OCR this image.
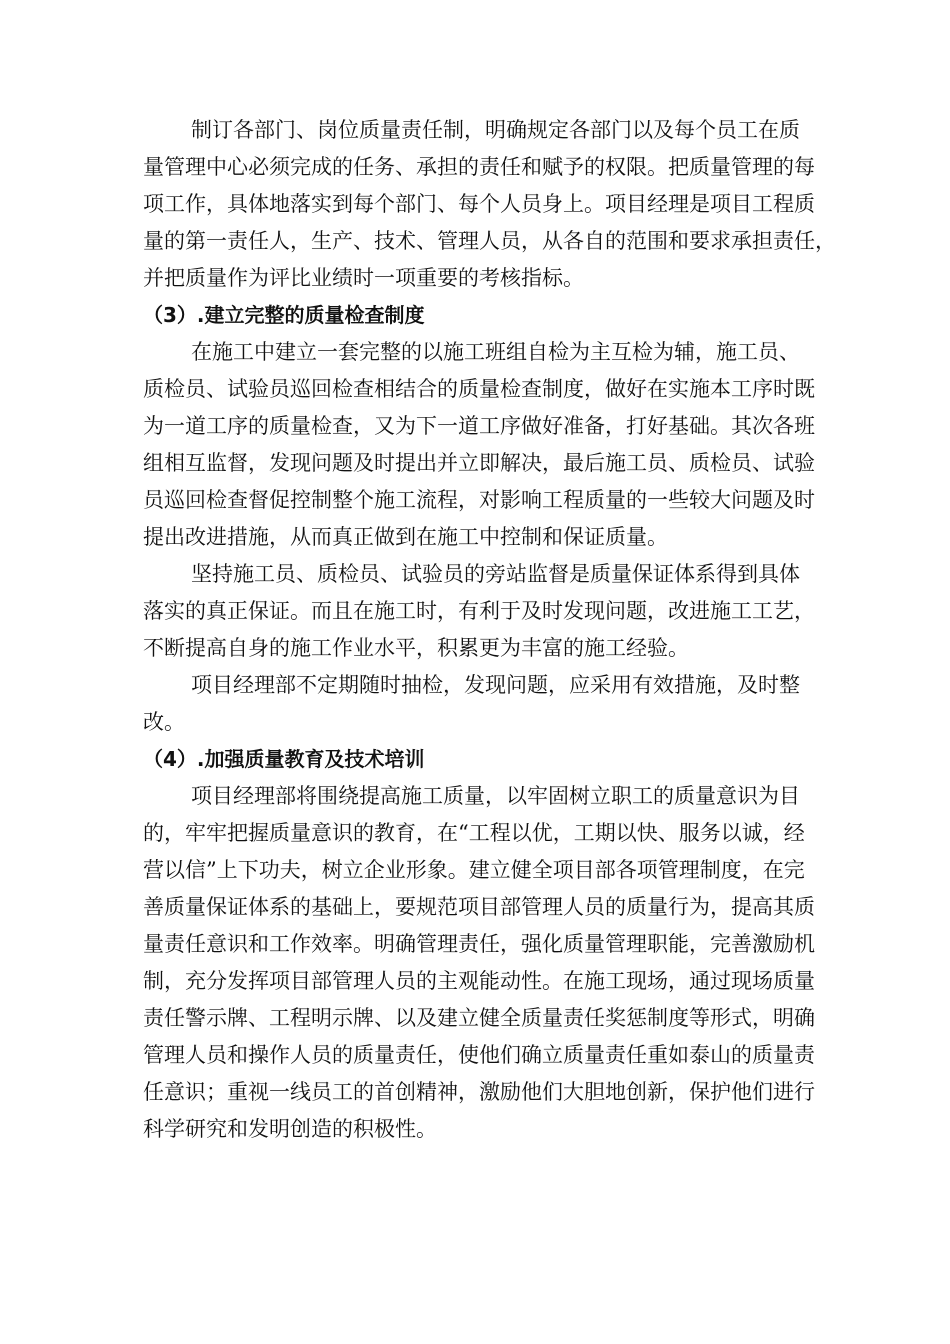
制订各部门、岗位质量责任制，明确规定各部门以及每个员工在质
量管理中心必须完成的任务、承担的责任和赋予的权限。把质量管理的每
项工作，具体地落实到每个部门、每个人员身上。项目经理是项目工程质
量的第一责任人，生产、技术、管理人员，从各自的范围和要求承担责任，
并把质量作为评比业绩时一项重要的考核指标。
（3）.建立完整的质量检查制度
在施工中建立一套完整的以施工班组自检为主互检为辅，施工员、
质检员、试验员巡回检查相结合的质量检查制度，做好在实施本工序时既
为一道工序的质量检查，又为下一道工序做好准备，打好基础。其次各班
组相互监督，发现问题及时提出并立即解决，最后施工员、质检员、试验
员巡回检查督促控制整个施工流程，对影响工程质量的一些较大问题及时
提出改进措施，从而真正做到在施工中控制和保证质量。
坚持施工员、质检员、试验员的旁站监督是质量保证体系得到具体
落实的真正保证。而且在施工时，有利于及时发现问题，改进施工工艺，
不断提高自身的施工作业水平，积累更为丰富的施工经验。
项目经理部不定期随时抽检，发现问题，应采用有效措施，及时整
改。
（4）.加强质量教育及技术培训
项目经理部将围绕提高施工质量，以牢固树立职工的质量意识为目
的，牢牢把握质量意识的教育，在“工程以优，工期以快、服务以诚，经
营以信”上下功夫，树立企业形象。建立健全项目部各项管理制度，在完
善质量保证体系的基础上，要规范项目部管理人员的质量行为，提高其质
量责任意识和工作效率。明确管理责任，强化质量管理职能，完善激励机
制，充分发挥项目部管理人员的主观能动性。在施工现场，通过现场质量
责任警示牌、工程明示牌、以及建立健全质量责任奖惩制度等形式，明确
管理人员和操作人员的质量责任，使他们确立质量责任重如泰山的质量责
任意识；重视一线员工的首创精神，激励他们大胆地创新，保护他们进行
科学研究和发明创造的积极性。
